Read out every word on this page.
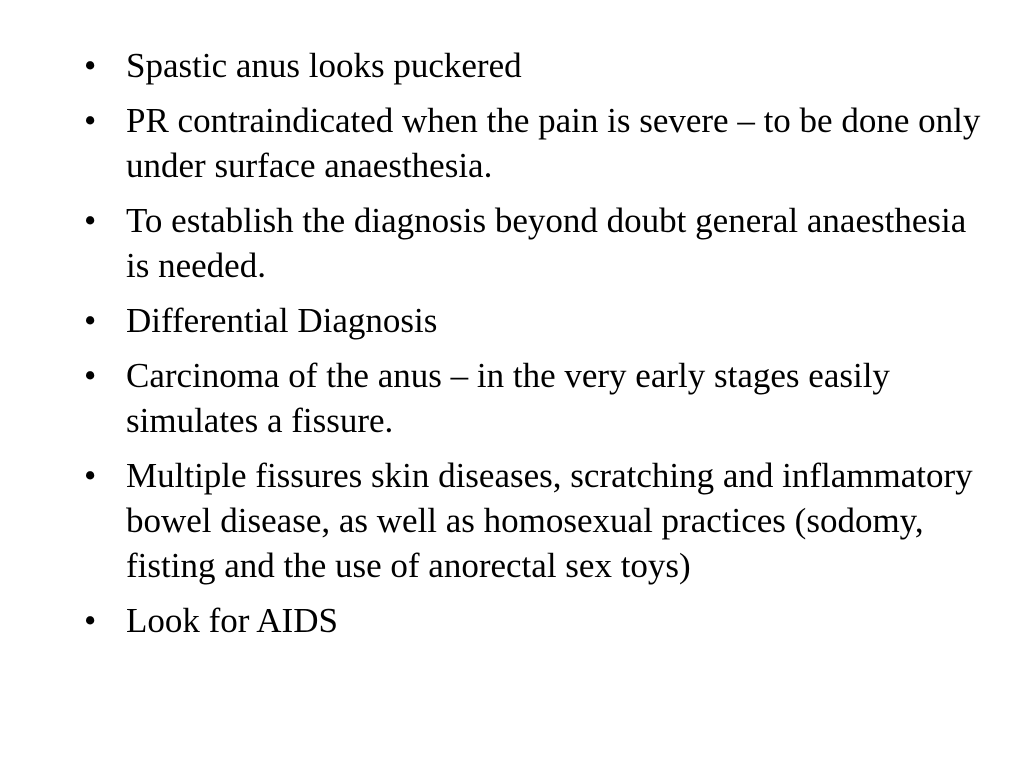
• Spastic anus looks puckered
• PR contraindicated when the pain is severe – to be done only under surface anaesthesia.
• To establish the diagnosis beyond doubt general anaesthesia is needed.
• Differential Diagnosis
• Carcinoma of the anus – in the very early stages easily simulates a fissure.
• Multiple fissures skin diseases, scratching and inflammatory bowel disease, as well as homosexual practices (sodomy, fisting and the use of anorectal sex toys)
• Look for AIDS
